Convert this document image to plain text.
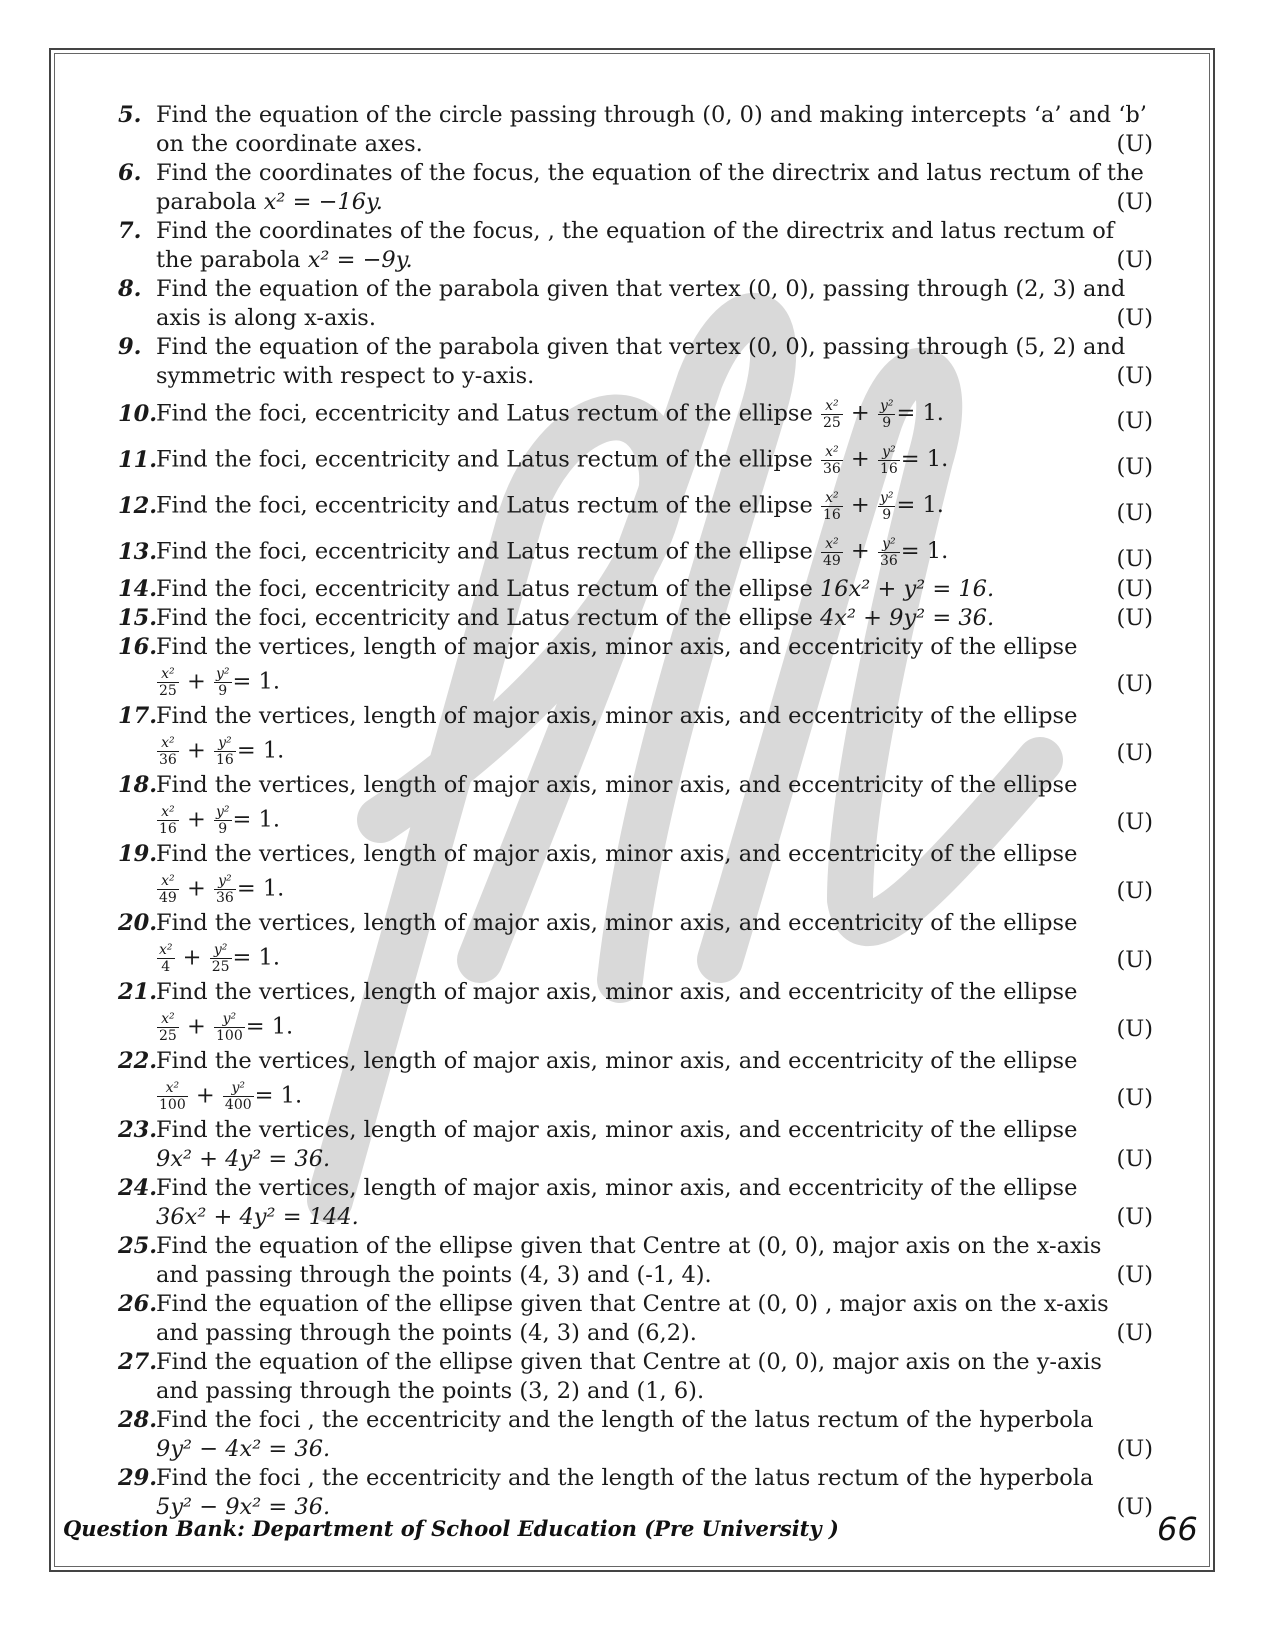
5. Find the equation of the circle passing through (0, 0) and making intercepts ‘a’ and ‘b’
on the coordinate axes.	(U)
6. Find the coordinates of the focus, the equation of the directrix and latus rectum of the
parabola x² = −16y.	(U)
7. Find the coordinates of the focus, , the equation of the directrix and latus rectum of
the parabola x² = −9y.	(U)
8. Find the equation of the parabola given that vertex (0, 0), passing through (2, 3) and
axis is along x-axis.	(U)
9. Find the equation of the parabola given that vertex (0, 0), passing through (5, 2) and
symmetric with respect to y-axis.	(U)
10.
Find the foci, eccentricity and Latus rectum of the ellipse $\frac{\text{x²}}{25} + \frac{\text{y²}}{9} = 1$.	(U)
11.
Find the foci, eccentricity and Latus rectum of the ellipse $\frac{\text{x²}}{36} + \frac{\text{y²}}{16} = 1$.	(U)
12.
Find the foci, eccentricity and Latus rectum of the ellipse $\frac{\text{x²}}{16} + \frac{\text{y²}}{9} = 1$.	(U)
13.
Find the foci, eccentricity and Latus rectum of the ellipse $\frac{\text{x²}}{49} + \frac{\text{y²}}{36} = 1$.	(U)
14.
Find the foci, eccentricity and Latus rectum of the ellipse 16x² + y² = 16.	(U)
15.
Find the foci, eccentricity and Latus rectum of the ellipse 4x² + 9y² = 36.	(U)
16.
Find the vertices, length of major axis, minor axis, and eccentricity of the ellipse
$\frac{\text{x²}}{25} + \frac{\text{y²}}{9} = 1$.	(U)
17.
Find the vertices, length of major axis, minor axis, and eccentricity of the ellipse
$\frac{\text{x²}}{36} + \frac{\text{y²}}{16} = 1$.	(U)
18.
Find the vertices, length of major axis, minor axis, and eccentricity of the ellipse
$\frac{\text{x²}}{16} + \frac{\text{y²}}{9} = 1$.	(U)
19.
Find the vertices, length of major axis, minor axis, and eccentricity of the ellipse
$\frac{\text{x²}}{49} + \frac{\text{y²}}{36} = 1$.	(U)
20.
Find the vertices, length of major axis, minor axis, and eccentricity of the ellipse
$\frac{\text{x²}}{4} + \frac{\text{y²}}{25} = 1$.	(U)
21.
Find the vertices, length of major axis, minor axis, and eccentricity of the ellipse
$\frac{\text{x²}}{25} + \frac{\text{y²}}{100} = 1$.	(U)
22.
Find the vertices, length of major axis, minor axis, and eccentricity of the ellipse
$\frac{\text{x²}}{100} + \frac{\text{y²}}{400} = 1$.	(U)
23.
Find the vertices, length of major axis, minor axis, and eccentricity of the ellipse
9x² + 4y² = 36.	(U)
24.
Find the vertices, length of major axis, minor axis, and eccentricity of the ellipse
36x² + 4y² = 144.	(U)
25.
Find the equation of the ellipse given that Centre at (0, 0), major axis on the x-axis
and passing through the points (4, 3) and (-1, 4).	(U)
26.
Find the equation of the ellipse given that Centre at (0, 0) , major axis on the x-axis
and passing through the points (4, 3) and (6,2).	(U)
27.
Find the equation of the ellipse given that Centre at (0, 0), major axis on the y-axis
and passing through the points (3, 2) and (1, 6).
28.
Find the foci , the eccentricity and the length of the latus rectum of the hyperbola
9y² − 4x² = 36.	(U)
29.
Find the foci , the eccentricity and the length of the latus rectum of the hyperbola
5y² − 9x² = 36.	(U)
Question Bank: Department of School Education (Pre University )	66
